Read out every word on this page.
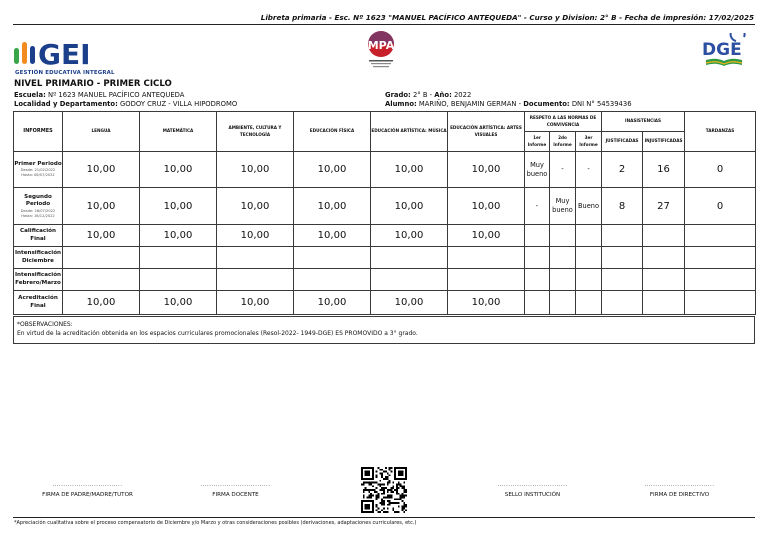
Libreta primaria - Esc. Nº 1623 "MANUEL PACÍFICO ANTEQUEDA" - Curso y Division: 2° B - Fecha de impresión: 17/02/2025
GEI
GESTIÓN EDUCATIVA INTEGRAL
MPA	DGE
NIVEL PRIMARIO - PRIMER CICLO
Escuela: Nº 1623 MANUEL PACÍFICO ANTEQUEDA
Localidad y Departamento: GODOY CRUZ - VILLA HIPODROMO
Grado: 2° B - Año: 2022
Alumno: MARIÑO, BENJAMIN GERMAN - Documento: DNI N° 54539436
INFORMES	LENGUA	MATEMÁTICA	AMBIENTE, CULTURA Y TECNOLOGÍA	EDUCACIÓN FÍSICA	EDUCACIÓN ARTÍSTICA: MÚSICA	EDUCACIÓN ARTÍSTICA: ARTES VISUALES	RESPETO A LAS NORMAS DE CONVIVENCIA			INASISTENCIAS		TARDANZAS
							1er Informe	2do Informe	3er Informe	JUSTIFICADAS	INJUSTIFICADAS	

Primer Periodo
Desde: 21/02/2022
Hasta: 08/07/2022	10,00	10,00	10,00	10,00	10,00	10,00	Muy bueno	-	-	2	16	0

Segundo Periodo
Desde: 26/07/2022
Hasta: 16/12/2022	10,00	10,00	10,00	10,00	10,00	10,00	-	Muy bueno	Bueno	8	27	0

Calificación Final	10,00	10,00	10,00	10,00	10,00	10,00						

Intensificación Diciembre												

Intensificación Febrero/Marzo												

Acreditación Final	10,00	10,00	10,00	10,00	10,00	10,00						
*OBSERVACIONES:
En virtud de la acreditación obtenida en los espacios curriculares promocionales (Resol-2022- 1949-DGE) ES PROMOVIDO a 3° grado.
................................
FIRMA DE PADRE/MADRE/TUTOR
................................
FIRMA DOCENTE
................................
SELLO INSTITUCIÓN
................................
FIRMA DE DIRECTIVO
*Apreciación cualitativa sobre el proceso compensatorio de Diciembre y/o Marzo y otras consideraciones posibles (derivaciones, adaptaciones curriculares, etc.)
